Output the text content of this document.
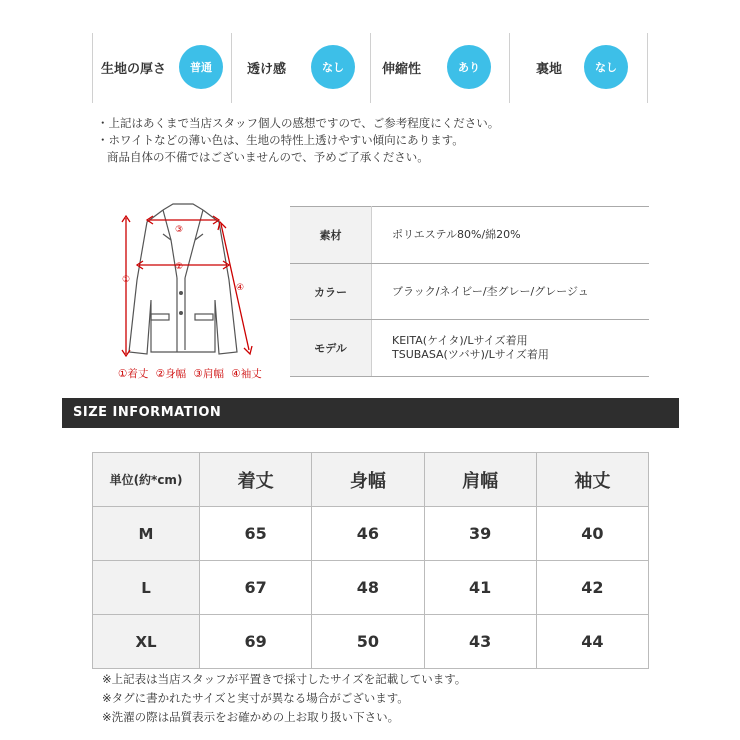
生地の厚さ	普通	透け感	なし	伸縮性	あり	裏地	なし
・上記はあくまで当店スタッフ個人の感想ですので、ご参考程度にください。
・ホワイトなどの薄い色は、生地の特性上透けやすい傾向にあります。
商品自体の不備ではございませんので、予めご了承ください。
①
②
③
④
①着丈 ②身幅 ③肩幅 ④袖丈
素材	ポリエステル80%/綿20%
カラー	ブラック/ネイビー/杢グレー/グレージュ
モデル	KEITA(ケイタ)/Lサイズ着用
TSUBASA(ツバサ)/Lサイズ着用
SIZE INFORMATION
単位(約*cm)	着丈	身幅	肩幅	袖丈
M	65	46	39	40
L	67	48	41	42
XL	69	50	43	44
※上記表は当店スタッフが平置きで採寸したサイズを記載しています。
※タグに書かれたサイズと実寸が異なる場合がございます。
※洗濯の際は品質表示をお確かめの上お取り扱い下さい。
